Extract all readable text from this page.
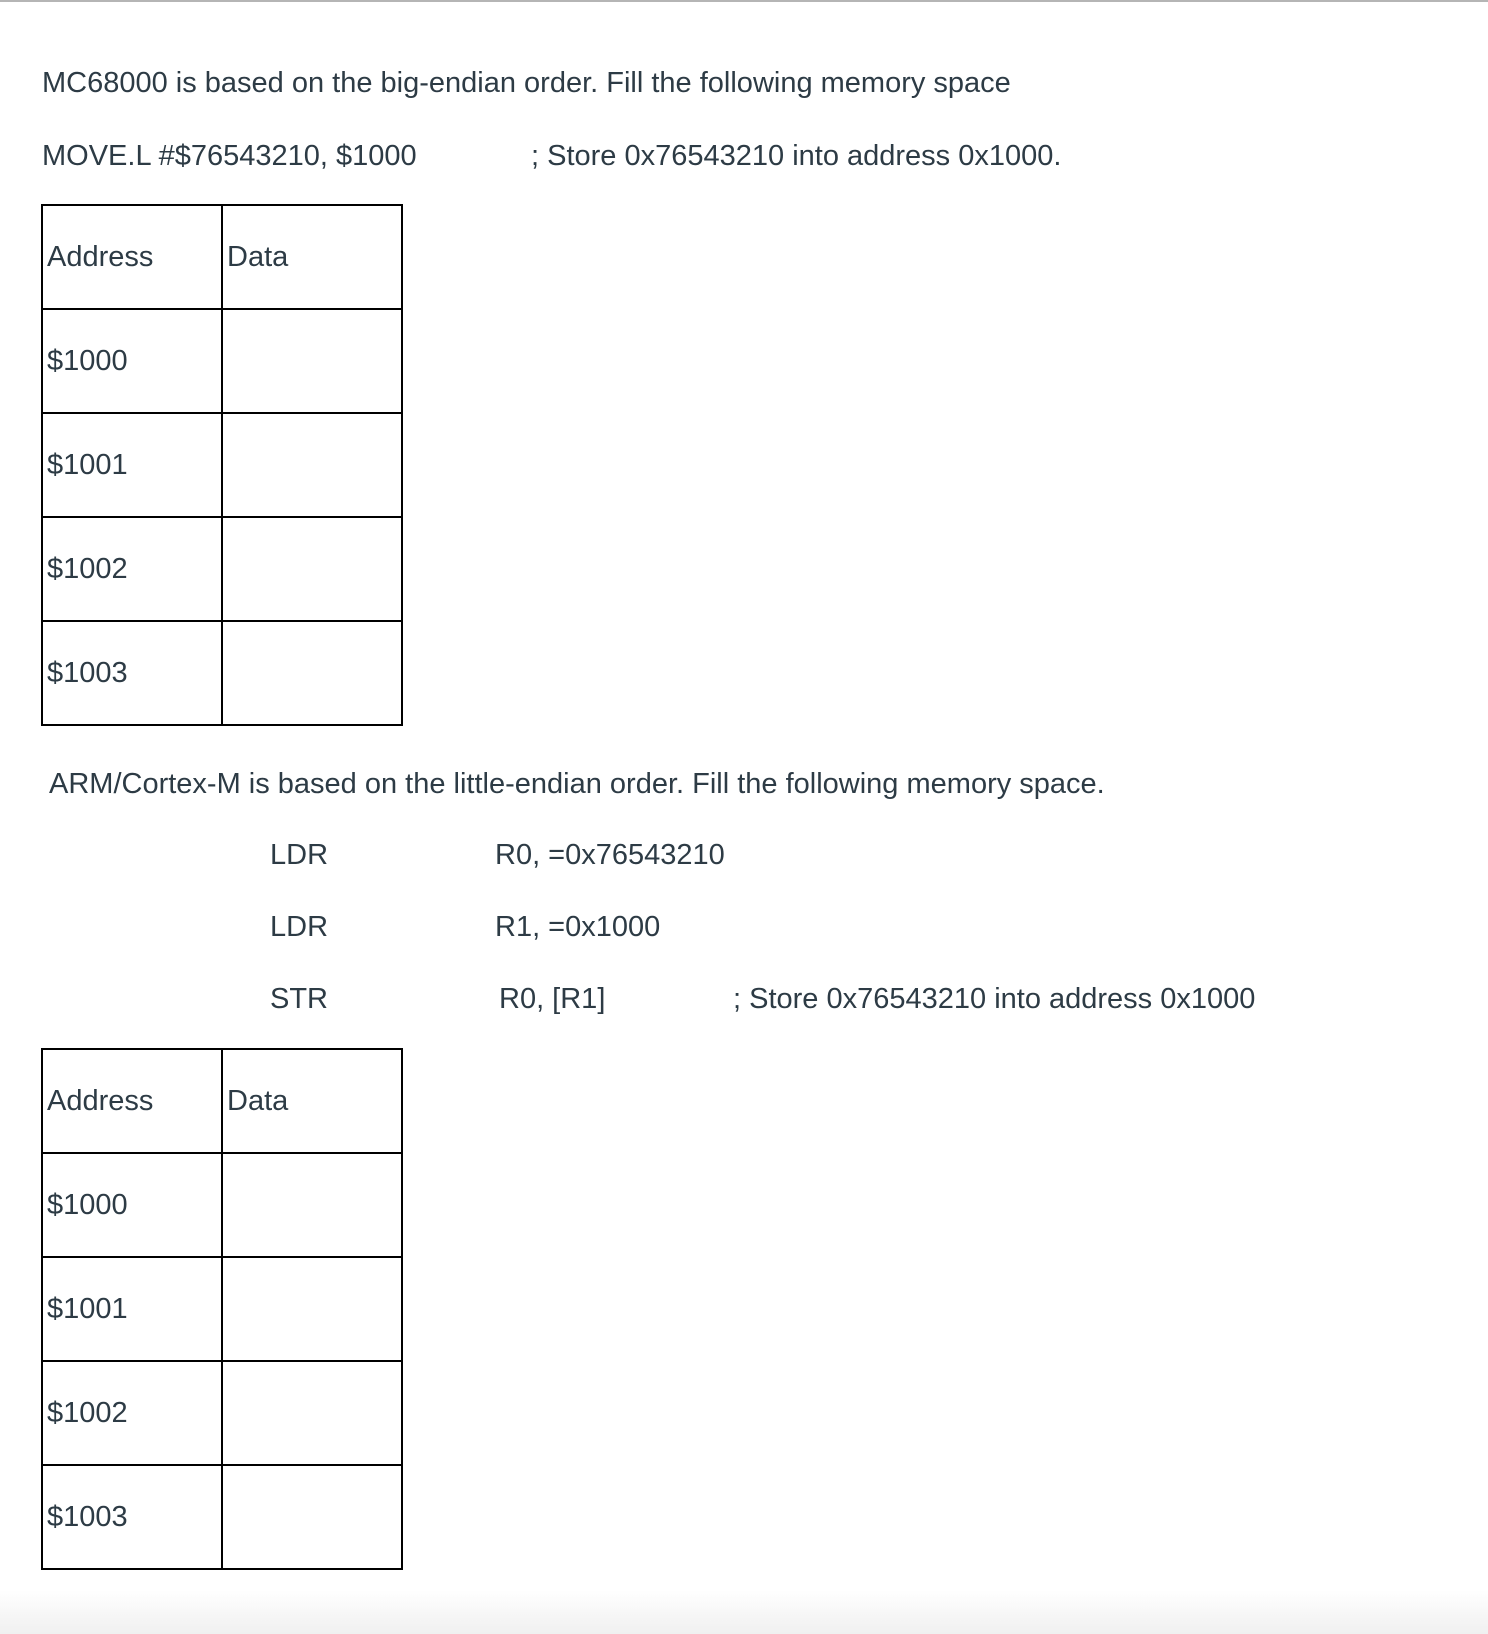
MC68000 is based on the big-endian order. Fill the following memory space
MOVE.L #$76543210, $1000	; Store 0x76543210 into address 0x1000.
Address	Data
$1000	
$1001	
$1002	
$1003	
ARM/Cortex-M is based on the little-endian order. Fill the following memory space.
LDR	R0, =0x76543210
LDR	R1, =0x1000
STR	R0, [R1]	; Store 0x76543210 into address 0x1000
Address	Data
$1000	
$1001	
$1002	
$1003	
